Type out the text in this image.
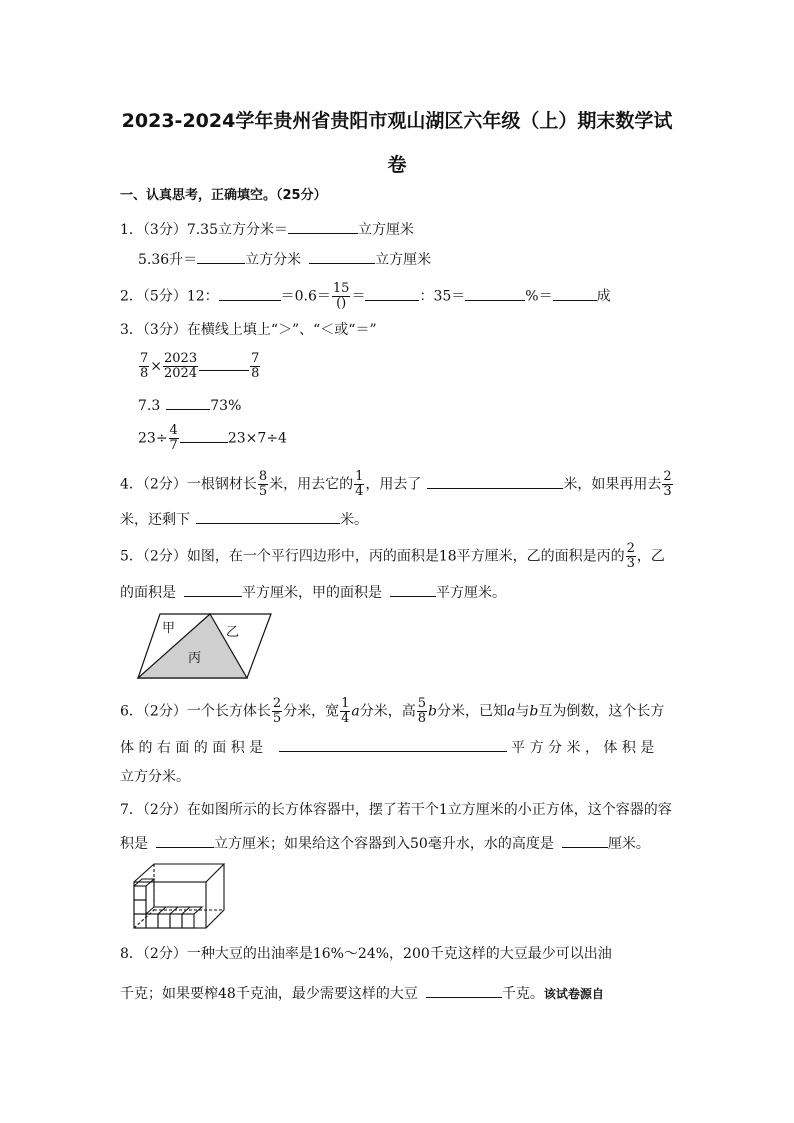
2023-2024学年贵州省贵阳市观山湖区六年级（上）期末数学试
卷
一、认真思考，正确填空。（25分）
1．（3分）7.35立方分米＝	立方厘米
5.36升＝	立方分米	立方厘米
2．（5分）12：	$=0.6= \frac{15}{()}$ ＝	：35＝	%＝	成
3．（3分）在横线上填上“＞”、“＜或“＝”
$\frac{7}{8} \times \frac{2023}{2024}$	$\frac{7}{8}$
7.3	73%
$23\div \frac{4}{7}$	23×7÷4
4．（2分）一根钢材长 $\frac{8}{5}$ 米，用去它的 $\frac{1}{4}$ ，用去了	米，如果再用去 $\frac{2}{3}$
米，还剩下	米。
5．（2分）如图，在一个平行四边形中，丙的面积是18平方厘米，乙的面积是丙的 $\frac{2}{3}$ ，乙
的面积是	平方厘米，甲的面积是	平方厘米。
甲	乙
丙
6．（2分）一个长方体长 $\frac{2}{5}$ 分米，宽 $\frac{1}{4}$ a分米，高 $\frac{5}{8}$ b分米，已知a与b互为倒数，这个长方
体 的 右 面 的 面 积 是	平 方 分 米 ， 体 积 是
立方分米。
7．（2分）在如图所示的长方体容器中，摆了若干个1立方厘米的小正方体，这个容器的容
积是	立方厘米；如果给这个容器到入50毫升水，水的高度是	厘米。
8．（2分）一种大豆的出油率是16%～24%，200千克这样的大豆最少可以出油
千克；如果要榨48千克油，最少需要这样的大豆	千克。该试卷源自
